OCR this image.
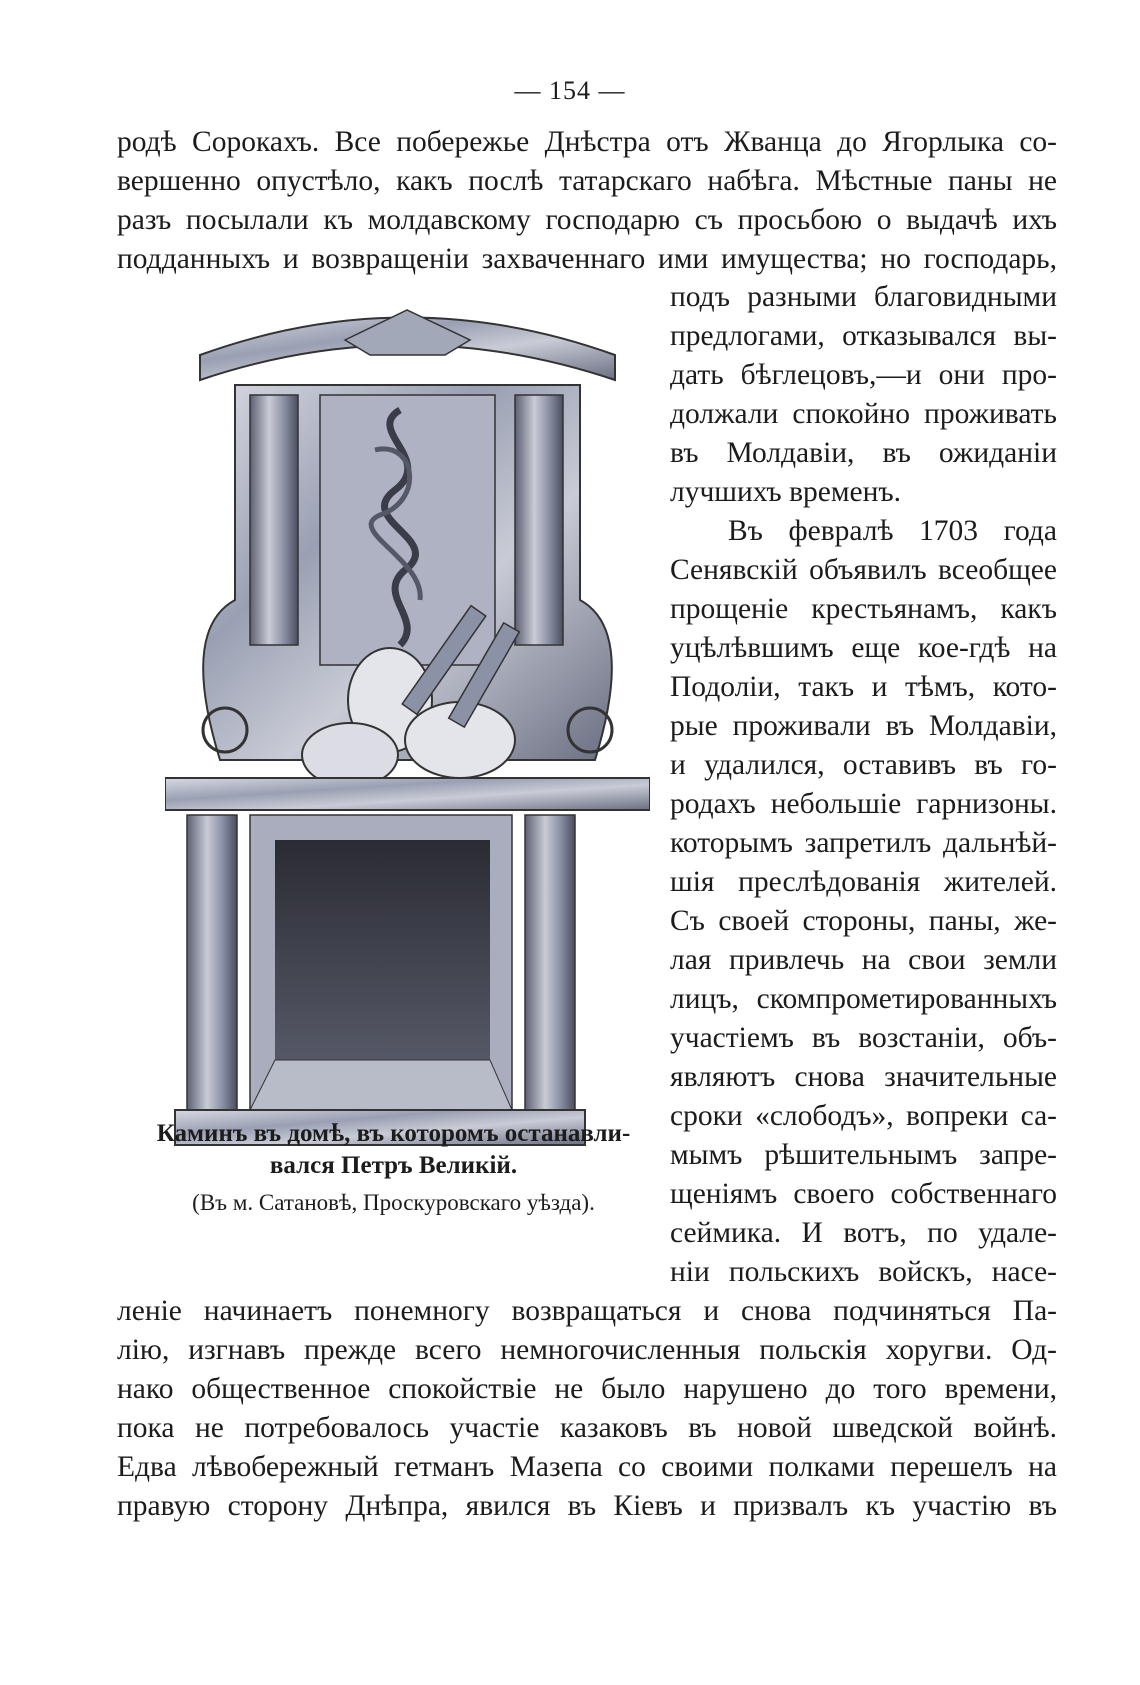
— 154 —
родѣ Сорокахъ. Все побережье Днѣстра отъ Жванца до Ягорлыка со-
вершенно опустѣло, какъ послѣ татарскаго набѣга. Мѣстные паны не
разъ посылали къ молдавскому господарю съ просьбою о выдачѣ ихъ
подданныхъ и возвращеніи захваченнаго ими имущества; но господарь,
подъ разными благовидными
предлогами, отказывался вы-
дать бѣглецовъ,—и они про-
должали спокойно проживать
въ Молдавіи, въ ожиданіи
лучшихъ временъ.
Въ февралѣ 1703 года
Сенявскій объявилъ всеобщее
прощеніе крестьянамъ, какъ
уцѣлѣвшимъ еще кое-гдѣ на
Подоліи, такъ и тѣмъ, кото-
рые проживали въ Молдавіи,
и удалился, оставивъ въ го-
родахъ небольшіе гарнизоны.
которымъ запретилъ дальнѣй-
шія преслѣдованія жителей.
Съ своей стороны, паны, же-
лая привлечь на свои земли
лицъ, скомпрометированныхъ
участіемъ въ возстаніи, объ-
являютъ снова значительные
сроки «слободъ», вопреки са-
мымъ рѣшительнымъ запре-
щеніямъ своего собственнаго
сеймика. И вотъ, по удале-
ніи польскихъ войскъ, насе-
Каминъ въ домѣ, въ которомъ останавли-
вался Петръ Великій.
(Въ м. Сатановѣ, Проскуровскаго уѣзда).
леніе начинаетъ понемногу возвращаться и снова подчиняться Па-
лію, изгнавъ прежде всего немногочисленныя польскія хоругви. Од-
нако общественное спокойствіе не было нарушено до того времени,
пока не потребовалось участіе казаковъ въ новой шведской войнѣ.
Едва лѣвобережный гетманъ Мазепа со своими полками перешелъ на
правую сторону Днѣпра, явился въ Кіевъ и призвалъ къ участію въ
